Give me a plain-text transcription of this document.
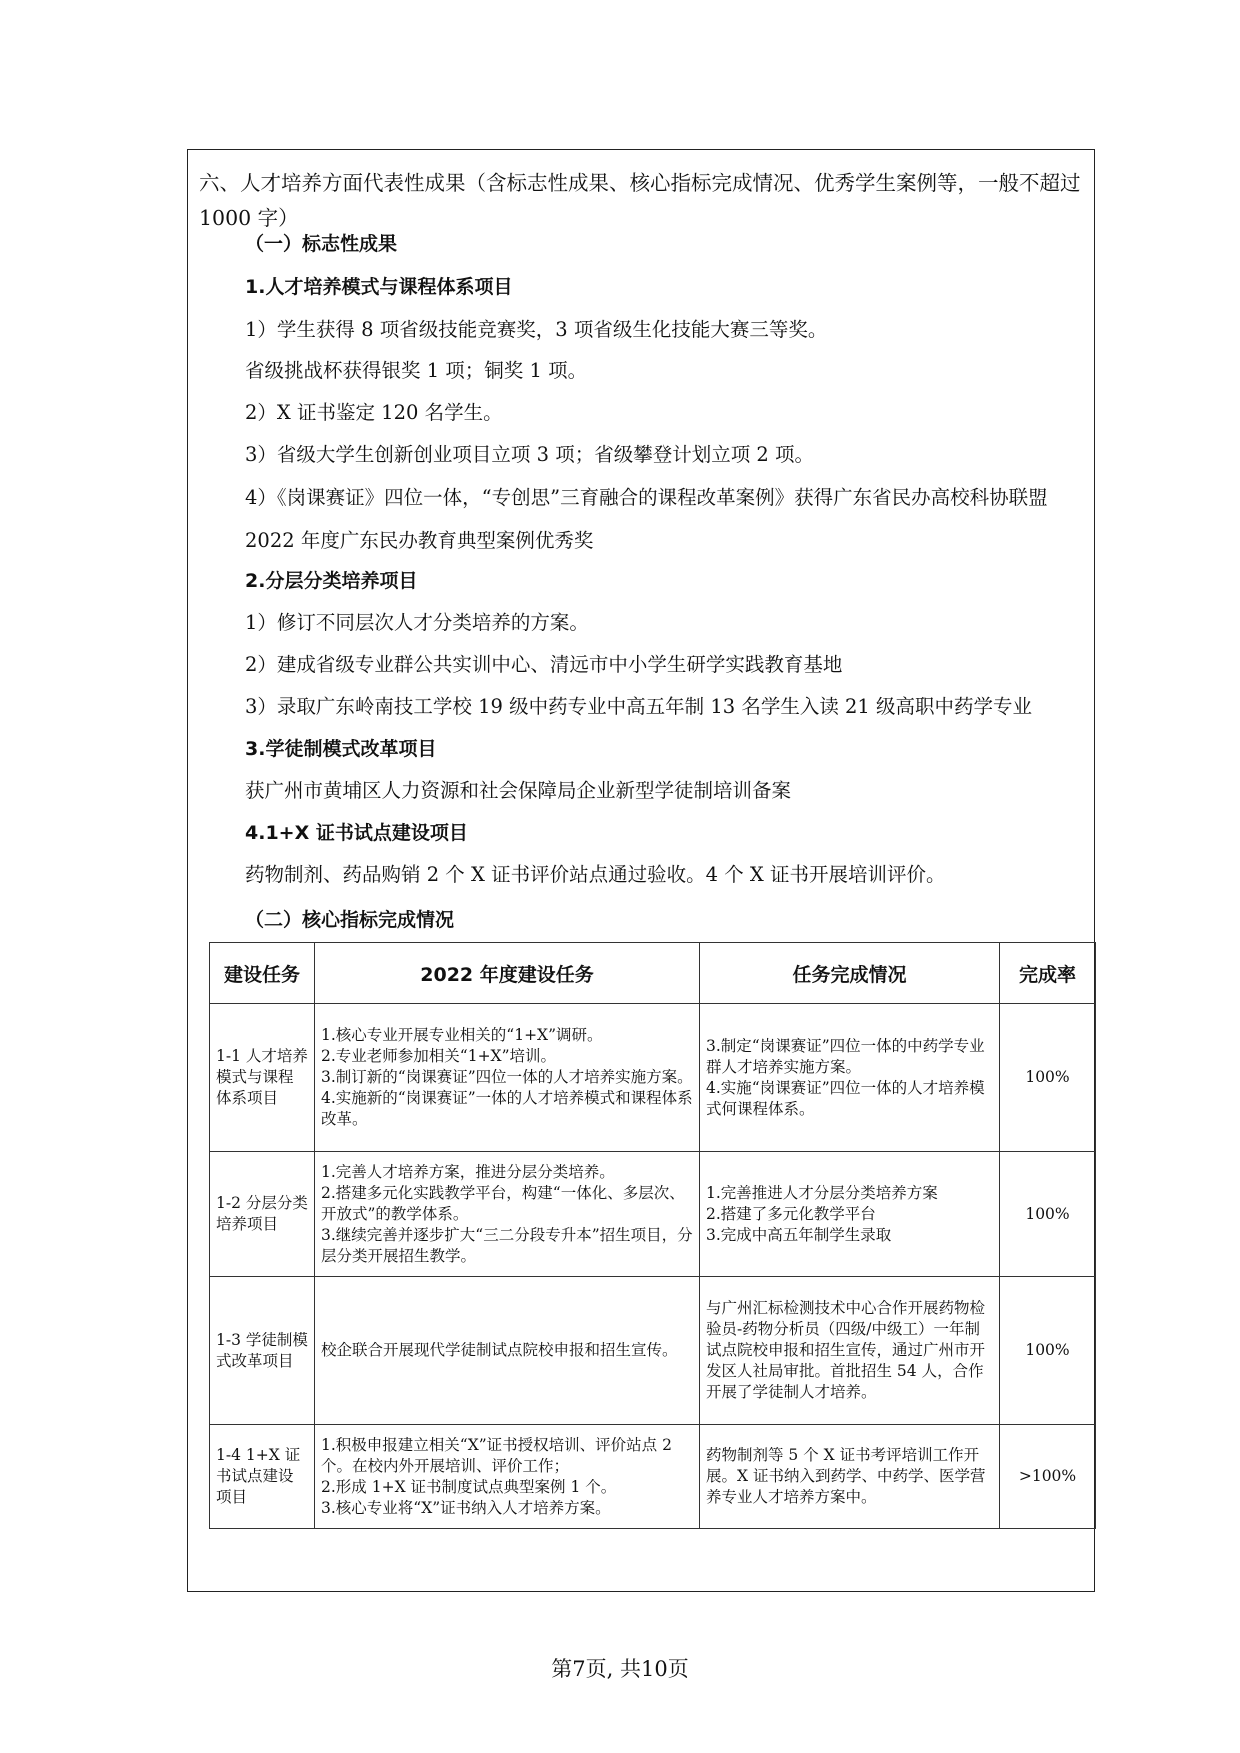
六、人才培养方面代表性成果（含标志性成果、核心指标完成情况、优秀学生案例等，一般不超过 1000 字）
（一）标志性成果
1.人才培养模式与课程体系项目
1）学生获得 8 项省级技能竞赛奖，3 项省级生化技能大赛三等奖。
省级挑战杯获得银奖 1 项；铜奖 1 项。
2）X 证书鉴定 120 名学生。
3）省级大学生创新创业项目立项 3 项；省级攀登计划立项 2 项。
4）《岗课赛证》四位一体，“专创思”三育融合的课程改革案例》获得广东省民办高校科协联盟 2022 年度广东民办教育典型案例优秀奖
2.分层分类培养项目
1）修订不同层次人才分类培养的方案。
2）建成省级专业群公共实训中心、清远市中小学生研学实践教育基地
3）录取广东岭南技工学校 19 级中药专业中高五年制 13 名学生入读 21 级高职中药学专业
3.学徒制模式改革项目
获广州市黄埔区人力资源和社会保障局企业新型学徒制培训备案
4.1+X 证书试点建设项目
药物制剂、药品购销 2 个 X 证书评价站点通过验收。4 个 X 证书开展培训评价。
（二）核心指标完成情况
建设任务	2022 年度建设任务	任务完成情况	完成率
1-1 人才培养模式与课程体系项目	1.核心专业开展专业相关的“1+X”调研。
2.专业老师参加相关“1+X”培训。
3.制订新的“岗课赛证”四位一体的人才培养实施方案。
4.实施新的“岗课赛证”一体的人才培养模式和课程体系改革。	3.制定“岗课赛证”四位一体的中药学专业群人才培养实施方案。
4.实施“岗课赛证”四位一体的人才培养模式何课程体系。	100%
1-2 分层分类培养项目	1.完善人才培养方案，推进分层分类培养。
2.搭建多元化实践教学平台，构建“一体化、多层次、开放式”的教学体系。
3.继续完善并逐步扩大“三二分段专升本”招生项目，分层分类开展招生教学。	1.完善推进人才分层分类培养方案
2.搭建了多元化教学平台
3.完成中高五年制学生录取	100%
1-3 学徒制模式改革项目	校企联合开展现代学徒制试点院校申报和招生宣传。	与广州汇标检测技术中心合作开展药物检验员-药物分析员（四级/中级工）一年制试点院校申报和招生宣传，通过广州市开发区人社局审批。首批招生 54 人，合作开展了学徒制人才培养。	100%
1-4 1+X 证书试点建设项目	1.积极申报建立相关“X”证书授权培训、评价站点 2 个。在校内外开展培训、评价工作；
2.形成 1+X 证书制度试点典型案例 1 个。
3.核心专业将“X”证书纳入人才培养方案。	药物制剂等 5 个 X 证书考评培训工作开展。X 证书纳入到药学、中药学、医学营养专业人才培养方案中。	>100%
第7页, 共10页
